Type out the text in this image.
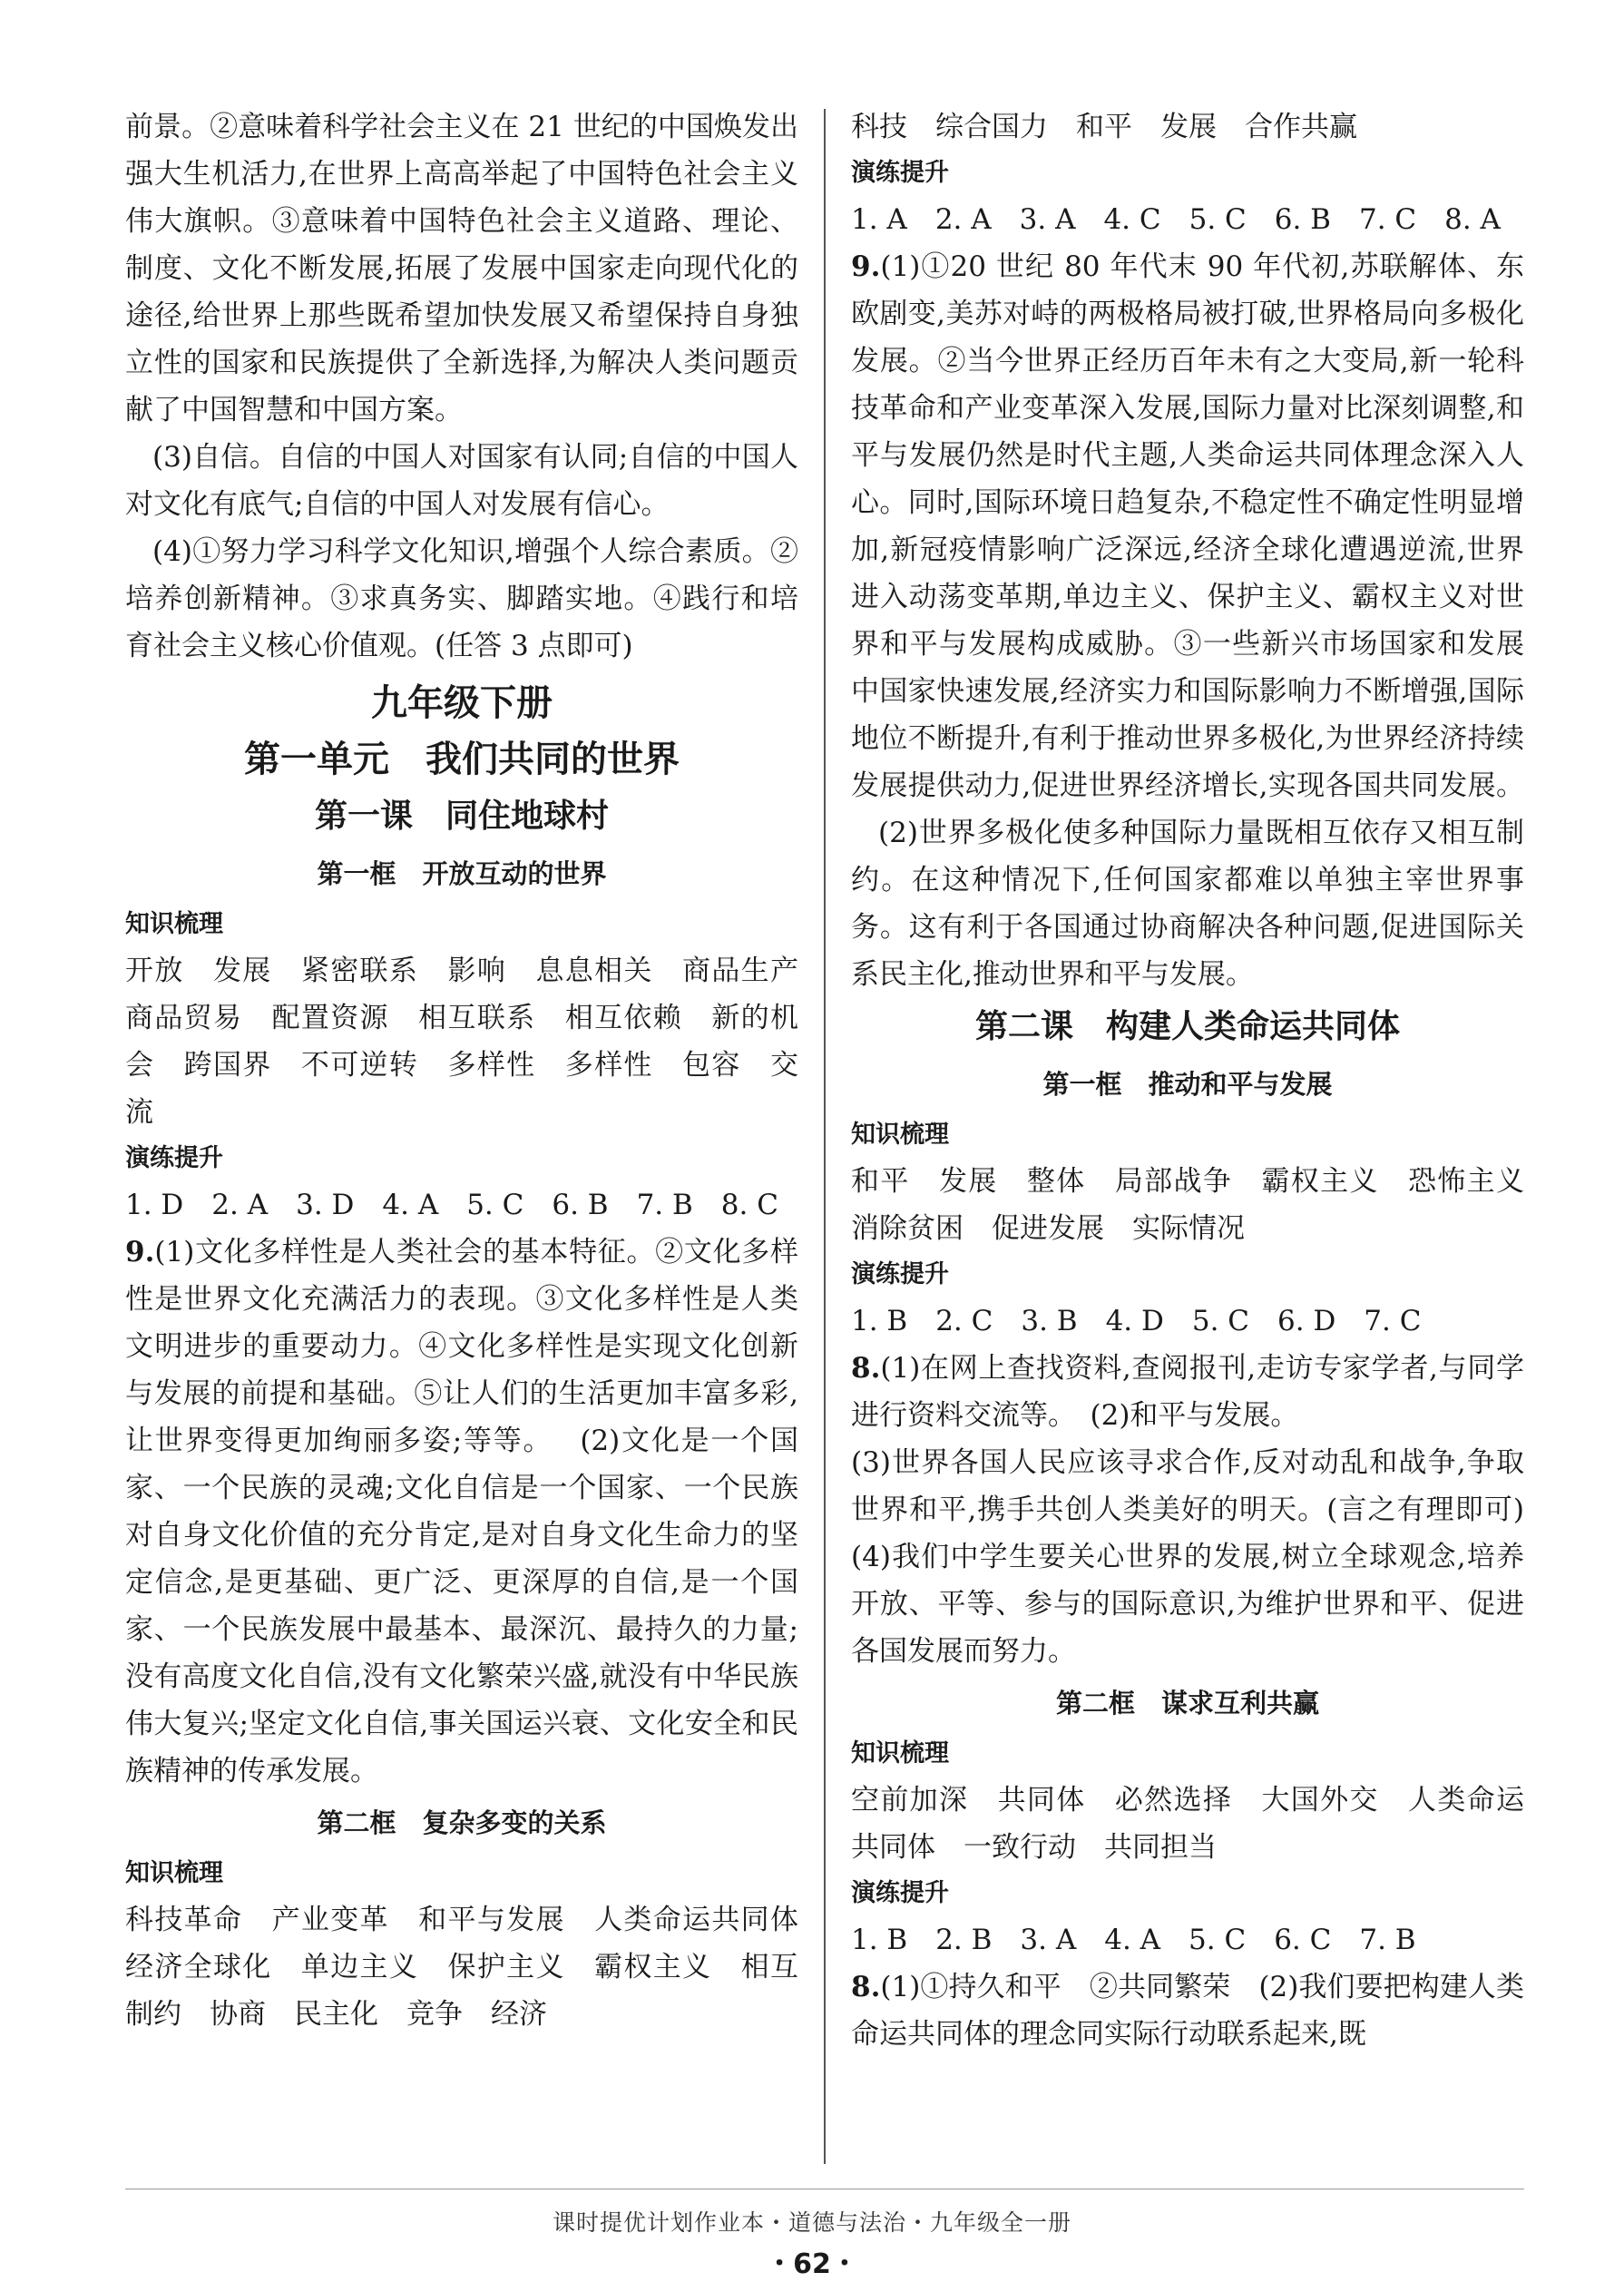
前景。②意味着科学社会主义在 21 世纪的中国焕发出强大生机活力,在世界上高高举起了中国特色社会主义伟大旗帜。③意味着中国特色社会主义道路、理论、制度、文化不断发展,拓展了发展中国家走向现代化的途径,给世界上那些既希望加快发展又希望保持自身独立性的国家和民族提供了全新选择,为解决人类问题贡献了中国智慧和中国方案。

(3)自信。自信的中国人对国家有认同;自信的中国人对文化有底气;自信的中国人对发展有信心。

(4)①努力学习科学文化知识,增强个人综合素质。②培养创新精神。③求真务实、脚踏实地。④践行和培育社会主义核心价值观。(任答 3 点即可)

九年级下册
第一单元　我们共同的世界
第一课　同住地球村
第一框　开放互动的世界
知识梳理

开放　发展　紧密联系　影响　息息相关　商品生产　商品贸易　配置资源　相互联系　相互依赖　新的机会　跨国界　不可逆转　多样性　多样性　包容　交流

演练提升

1. D　2. A　3. D　4. A　5. C　6. B　7. B　8. C

9.(1)文化多样性是人类社会的基本特征。②文化多样性是世界文化充满活力的表现。③文化多样性是人类文明进步的重要动力。④文化多样性是实现文化创新与发展的前提和基础。⑤让人们的生活更加丰富多彩,让世界变得更加绚丽多姿;等等。 (2)文化是一个国家、一个民族的灵魂;文化自信是一个国家、一个民族对自身文化价值的充分肯定,是对自身文化生命力的坚定信念,是更基础、更广泛、更深厚的自信,是一个国家、一个民族发展中最基本、最深沉、最持久的力量;没有高度文化自信,没有文化繁荣兴盛,就没有中华民族伟大复兴;坚定文化自信,事关国运兴衰、文化安全和民族精神的传承发展。

第二框　复杂多变的关系
知识梳理

科技革命　产业变革　和平与发展　人类命运共同体　经济全球化　单边主义　保护主义　霸权主义　相互制约　协商　民主化　竞争　经济

科技　综合国力　和平　发展　合作共赢

演练提升

1. A　2. A　3. A　4. C　5. C　6. B　7. C　8. A

9.(1)①20 世纪 80 年代末 90 年代初,苏联解体、东欧剧变,美苏对峙的两极格局被打破,世界格局向多极化发展。②当今世界正经历百年未有之大变局,新一轮科技革命和产业变革深入发展,国际力量对比深刻调整,和平与发展仍然是时代主题,人类命运共同体理念深入人心。同时,国际环境日趋复杂,不稳定性不确定性明显增加,新冠疫情影响广泛深远,经济全球化遭遇逆流,世界进入动荡变革期,单边主义、保护主义、霸权主义对世界和平与发展构成威胁。③一些新兴市场国家和发展中国家快速发展,经济实力和国际影响力不断增强,国际地位不断提升,有利于推动世界多极化,为世界经济持续发展提供动力,促进世界经济增长,实现各国共同发展。(2)世界多极化使多种国际力量既相互依存又相互制约。在这种情况下,任何国家都难以单独主宰世界事务。这有利于各国通过协商解决各种问题,促进国际关系民主化,推动世界和平与发展。

第二课　构建人类命运共同体
第一框　推动和平与发展
知识梳理

和平　发展　整体　局部战争　霸权主义　恐怖主义　消除贫困　促进发展　实际情况

演练提升

1. B　2. C　3. B　4. D　5. C　6. D　7. C

8.(1)在网上查找资料,查阅报刊,走访专家学者,与同学进行资料交流等。　(2)和平与发展。

(3)世界各国人民应该寻求合作,反对动乱和战争,争取世界和平,携手共创人类美好的明天。(言之有理即可)　(4)我们中学生要关心世界的发展,树立全球观念,培养开放、平等、参与的国际意识,为维护世界和平、促进各国发展而努力。

第二框　谋求互利共赢
知识梳理

空前加深　共同体　必然选择　大国外交　人类命运共同体　一致行动　共同担当

演练提升

1. B　2. B　3. A　4. A　5. C　6. C　7. B

8.(1)①持久和平　②共同繁荣　(2)我们要把构建人类命运共同体的理念同实际行动联系起来,既

课时提优计划作业本・道德与法治・九年级全一册
・62・
